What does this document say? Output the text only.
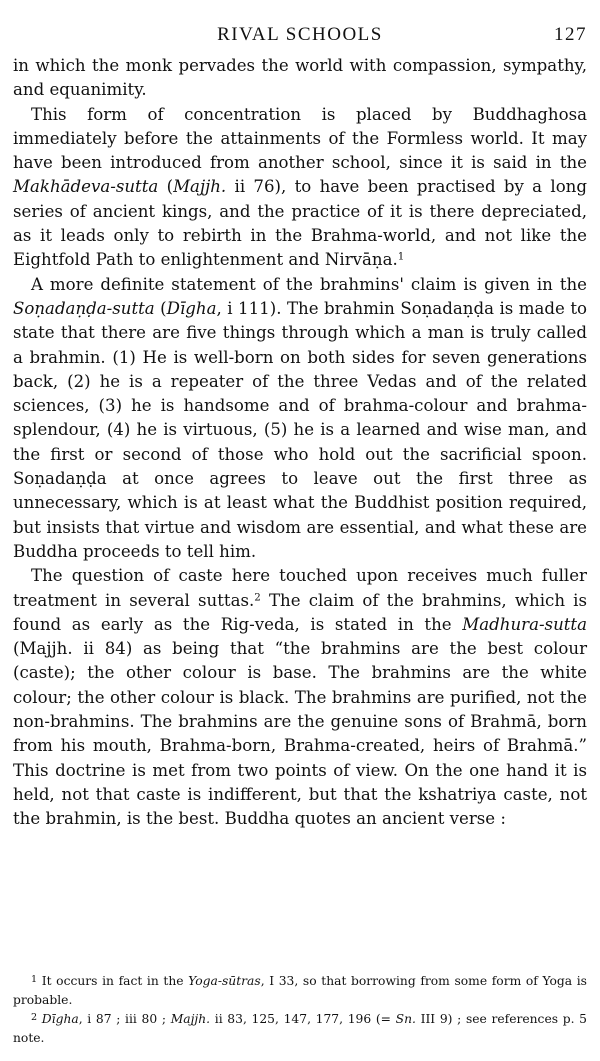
RIVAL SCHOOLS	127

in which the monk pervades the world with compassion, sympathy, and equanimity.

This form of concentration is placed by Buddhaghosa immediately before the attainments of the Formless world. It may have been introduced from another school, since it is said in the Makhādeva-sutta (Majjh. ii 76), to have been practised by a long series of ancient kings, and the practice of it is there depreciated, as it leads only to rebirth in the Brahma-world, and not like the Eightfold Path to enlightenment and Nirvāṇa.$^1$

A more definite statement of the brahmins' claim is given in the Soṇadaṇḍa-sutta (Dīgha, i 111). The brahmin Soṇadaṇḍa is made to state that there are five things through which a man is truly called a brahmin. (1) He is well-born on both sides for seven generations back, (2) he is a repeater of the three Vedas and of the related sciences, (3) he is handsome and of brahma-colour and brahma-splendour, (4) he is virtuous, (5) he is a learned and wise man, and the first or second of those who hold out the sacrificial spoon. Soṇadaṇḍa at once agrees to leave out the first three as unnecessary, which is at least what the Buddhist position required, but insists that virtue and wisdom are essential, and what these are Buddha proceeds to tell him.

The question of caste here touched upon receives much fuller treatment in several suttas.$^2$ The claim of the brahmins, which is found as early as the Rig-veda, is stated in the Madhura-sutta (Majjh. ii 84) as being that “the brahmins are the best colour (caste); the other colour is base. The brahmins are the white colour; the other colour is black. The brahmins are purified, not the non-brahmins. The brahmins are the genuine sons of Brahmā, born from his mouth, Brahma-born, Brahma-created, heirs of Brahmā.” This doctrine is met from two points of view. On the one hand it is held, not that caste is indifferent, but that the kshatriya caste, not the brahmin, is the best. Buddha quotes an ancient verse :

$^1$ It occurs in fact in the Yoga-sūtras, I 33, so that borrowing from some form of Yoga is probable.

$^2$ Dīgha, i 87 ; iii 80 ; Majjh. ii 83, 125, 147, 177, 196 (= Sn. III 9) ; see references p. 5 note.
